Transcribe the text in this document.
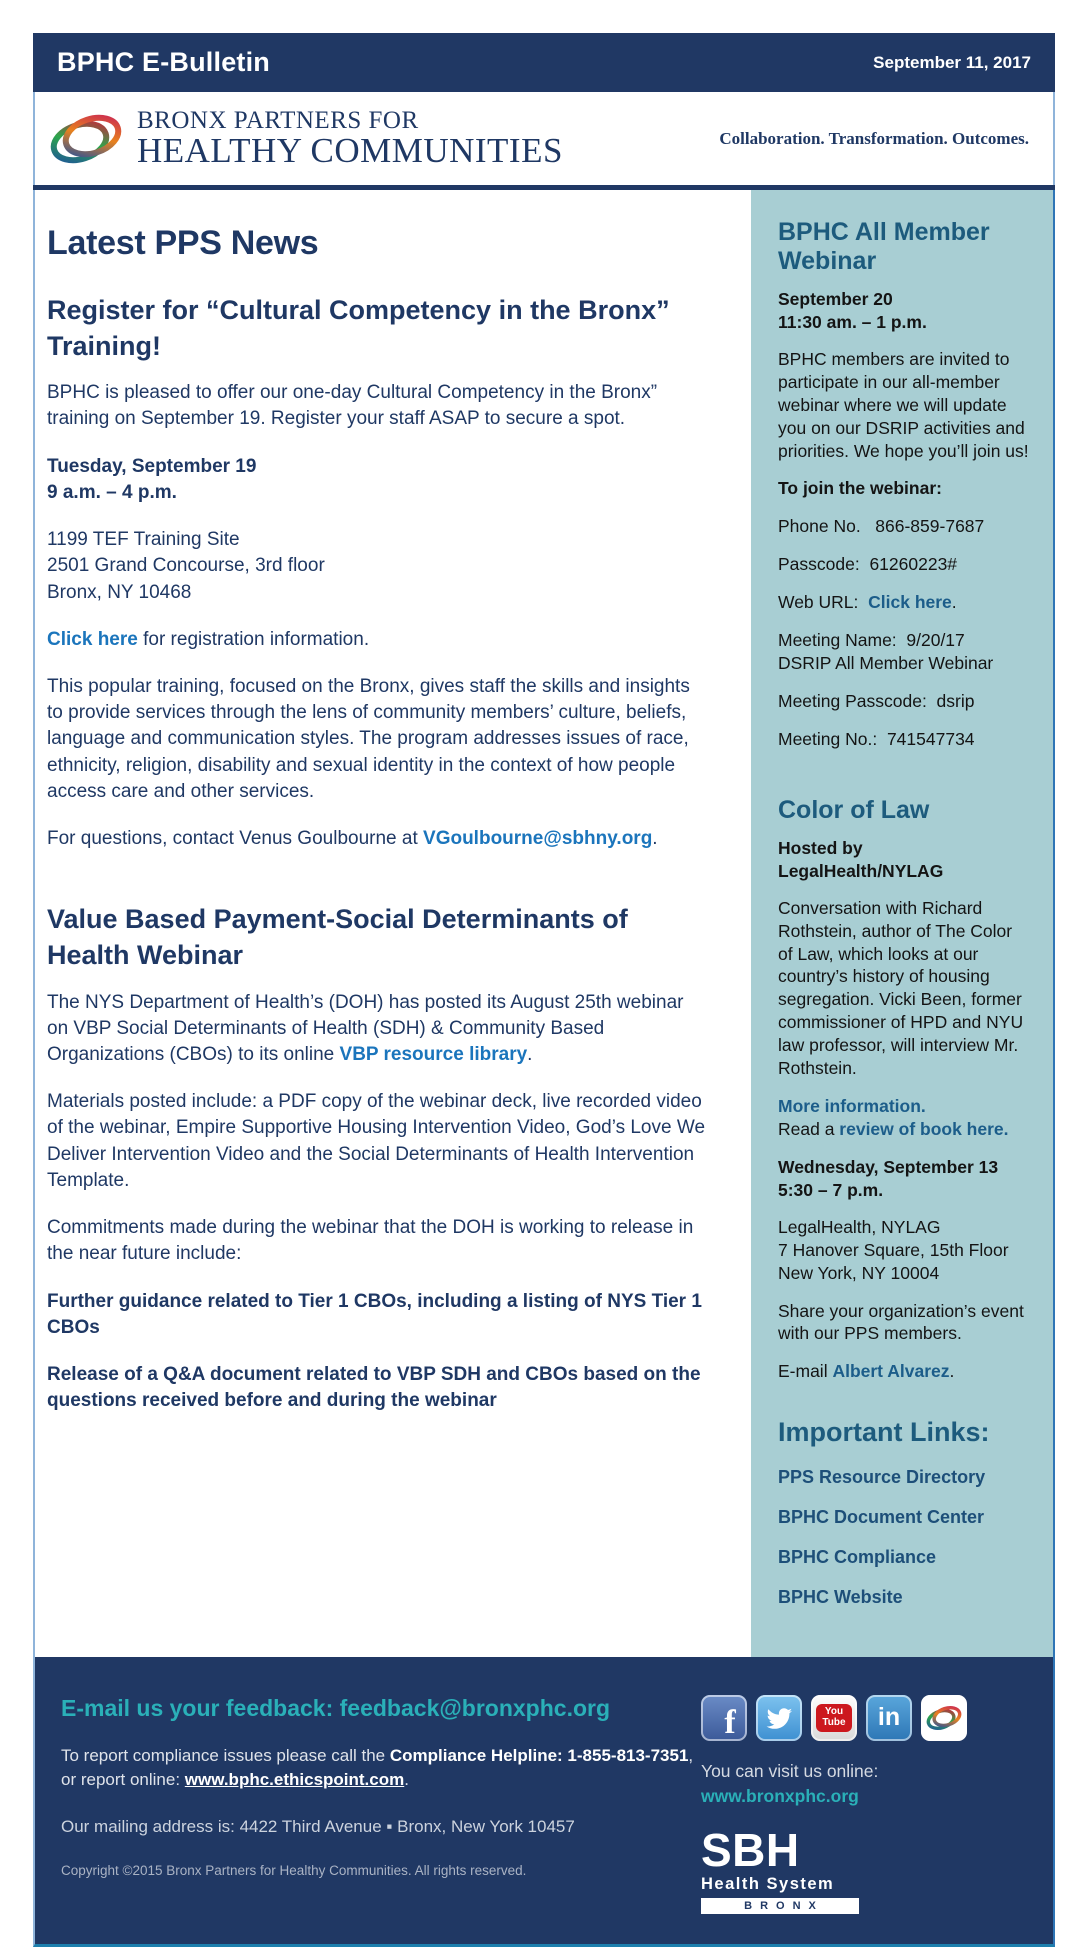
BPHC E-Bulletin	September 11, 2017
BRONX PARTNERS FOR
HEALTHY COMMUNITIES	Collaboration. Transformation. Outcomes.
Latest PPS News
Register for “Cultural Competency in the Bronx” Training!

BPHC is pleased to offer our one-day Cultural Competency in the Bronx” training on September 19. Register your staff ASAP to secure a spot.

Tuesday, September 19

9 a.m. – 4 p.m.

1199 TEF Training Site

2501 Grand Concourse, 3rd floor

Bronx, NY 10468

Click here for registration information.

This popular training, focused on the Bronx, gives staff the skills and insights to provide services through the lens of community members’ culture, beliefs, language and communication styles. The program addresses issues of race, ethnicity, religion, disability and sexual identity in the context of how people access care and other services.

For questions, contact Venus Goulbourne at VGoulbourne@sbhny.org.

Value Based Payment-Social Determinants of Health Webinar

The NYS Department of Health’s (DOH) has posted its August 25th webinar on VBP Social Determinants of Health (SDH) & Community Based Organizations (CBOs) to its online VBP resource library.

Materials posted include: a PDF copy of the webinar deck, live recorded video of the webinar, Empire Supportive Housing Intervention Video, God’s Love We Deliver Intervention Video and the Social Determinants of Health Intervention Template.

Commitments made during the webinar that the DOH is working to release in the near future include:

Further guidance related to Tier 1 CBOs, including a listing of NYS Tier 1 CBOs

Release of a Q&A document related to VBP SDH and CBOs based on the questions received before and during the webinar

BPHC All Member Webinar

September 20

11:30 am. – 1 p.m.

BPHC members are invited to participate in our all-member webinar where we will update you on our DSRIP activities and priorities. We hope you’ll join us!

To join the webinar:

Phone No.   866-859-7687

Passcode:  61260223#

Web URL:  Click here.

Meeting Name:  9/20/17

DSRIP All Member Webinar

Meeting Passcode:  dsrip

Meeting No.:  741547734

Color of Law

Hosted by

LegalHealth/NYLAG

Conversation with Richard Rothstein, author of The Color of Law, which looks at our country’s history of housing segregation. Vicki Been, former commissioner of HPD and NYU law professor, will interview Mr. Rothstein.

More information.

Read a review of book here.

Wednesday, September 13

5:30 – 7 p.m.

LegalHealth, NYLAG

7 Hanover Square, 15th Floor

New York, NY 10004

Share your organization’s event with our PPS members.

E-mail Albert Alvarez.

Important Links:
PPS Resource Directory
BPHC Document Center
BPHC Compliance
BPHC Website
E-mail us your feedback: feedback@bronxphc.org
To report compliance issues please call the Compliance Helpline: 1-855-813-7351,
or report online: www.bphc.ethicspoint.com.
Our mailing address is: 4422 Third Avenue ▪ Bronx, New York 10457
Copyright ©2015 Bronx Partners for Healthy Communities. All rights reserved.
f	You
Tube in
You can visit us online:
www.bronxphc.org
SBH
Health System
BRONX
